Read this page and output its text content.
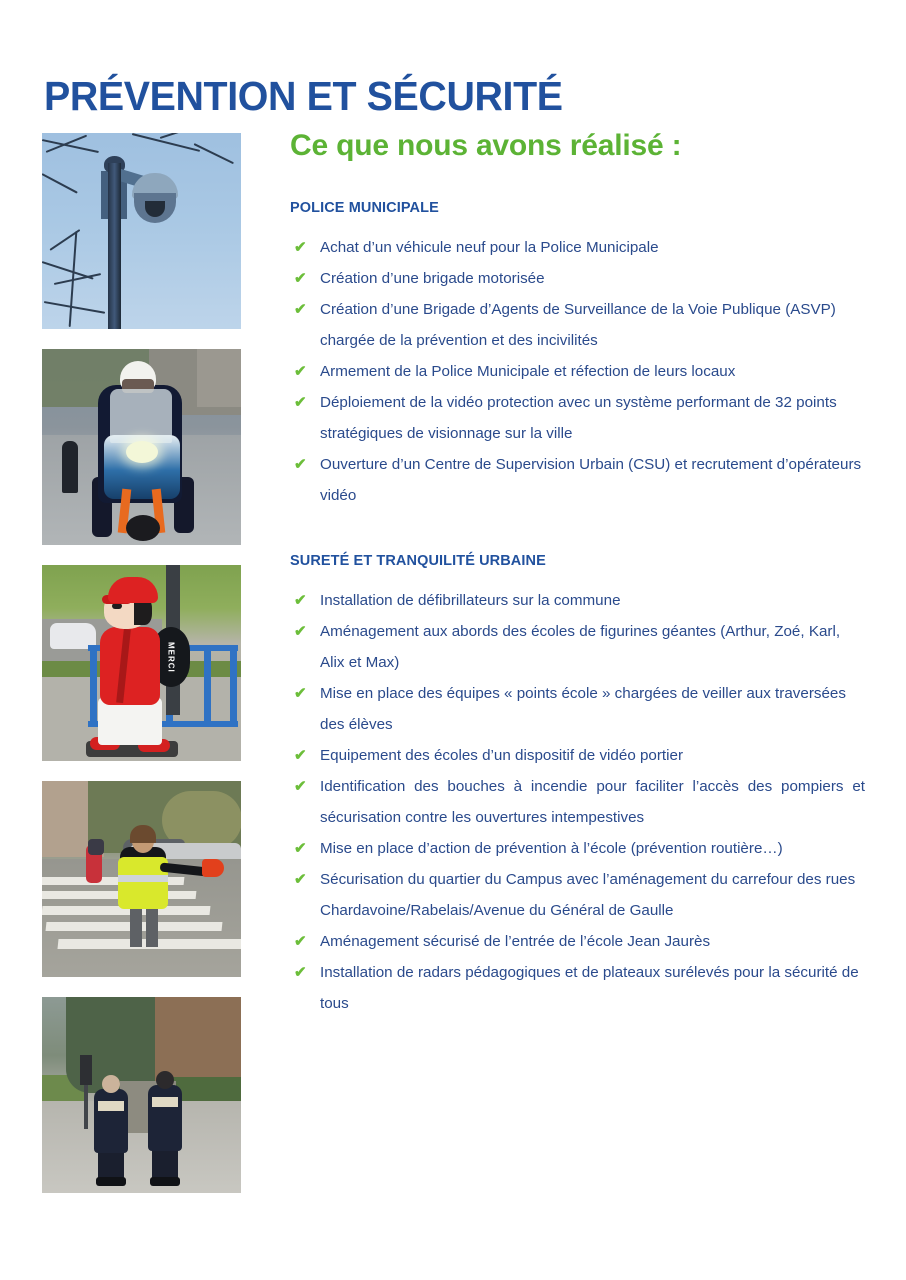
PRÉVENTION ET SÉCURITÉ
MERCI
Ce que nous avons réalisé :
POLICE MUNICIPALE
✔ Achat d’un véhicule neuf pour la Police Municipale
✔ Création d’une brigade motorisée
✔ Création d’une Brigade d’Agents de Surveillance de la Voie Publique (ASVP) chargée de la prévention et des incivilités
✔ Armement de la Police Municipale et réfection de leurs locaux
✔ Déploiement de la vidéo protection avec un système performant de 32 points stratégiques de visionnage sur la ville
✔ Ouverture d’un Centre de Supervision Urbain (CSU) et recrutement d’opérateurs vidéo
SURETÉ ET TRANQUILITÉ URBAINE
✔ Installation de défibrillateurs sur la commune
✔ Aménagement aux abords des écoles de figurines géantes (Arthur, Zoé, Karl, Alix et Max)
✔ Mise en place des équipes « points école » chargées de veiller aux traversées des élèves
✔ Equipement des écoles d’un dispositif de vidéo portier
✔ Identification des bouches à incendie pour faciliter l’accès des pompiers et sécurisation contre les ouvertures intempestives
✔ Mise en place d’action de prévention à l’école (prévention routière…)
✔ Sécurisation du quartier du Campus avec l’aménagement du carrefour des rues Chardavoine/Rabelais/Avenue du Général de Gaulle
✔ Aménagement sécurisé de l’entrée de l’école Jean Jaurès
✔ Installation de radars pédagogiques et de plateaux surélevés pour la sécurité de tous
